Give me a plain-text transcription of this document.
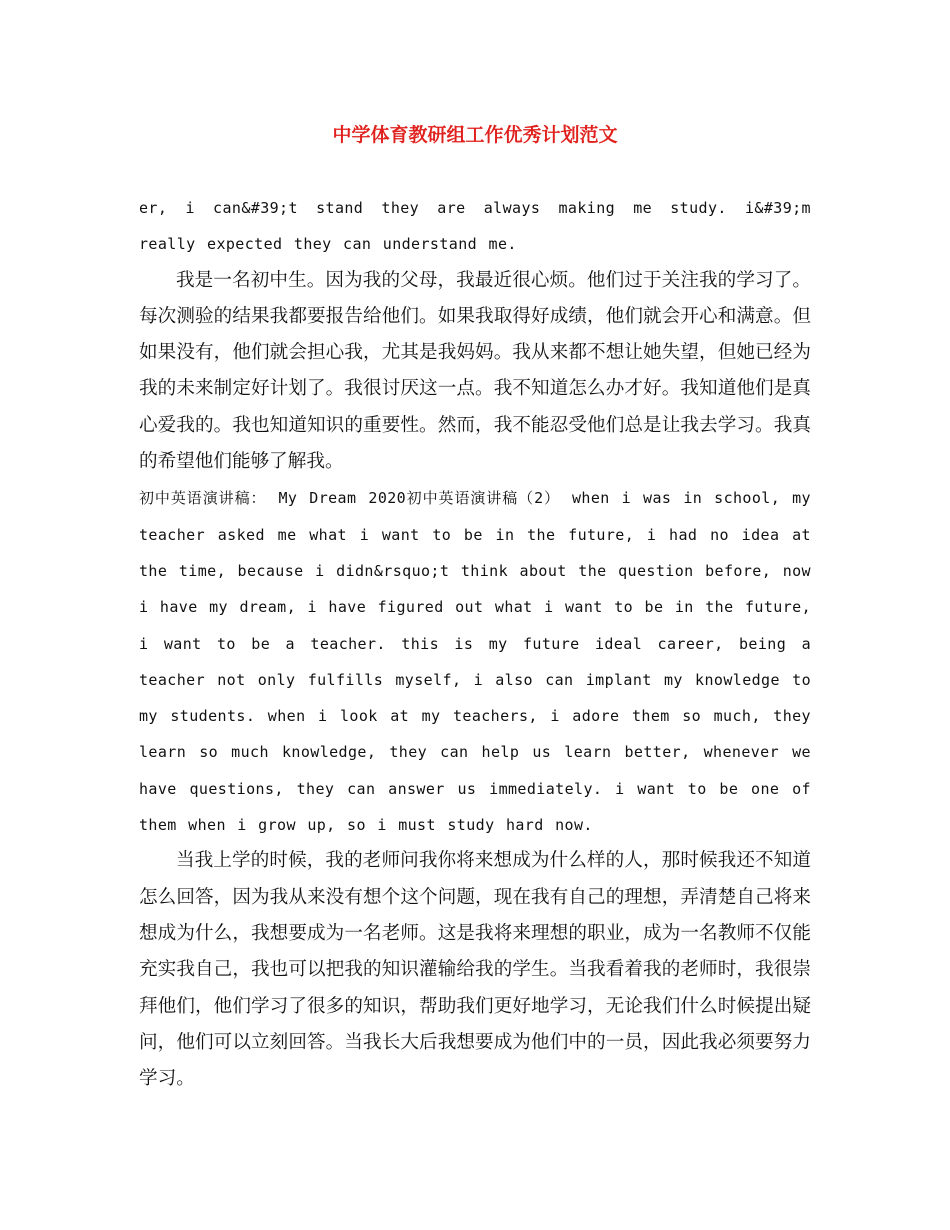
中学体育教研组工作优秀计划范文

er, i can&#39;t stand they are always making me study. i&#39;m really expected they can understand me.

我是一名初中生。因为我的父母，我最近很心烦。他们过于关注我的学习了。每次测验的结果我都要报告给他们。如果我取得好成绩，他们就会开心和满意。但如果没有，他们就会担心我，尤其是我妈妈。我从来都不想让她失望，但她已经为我的未来制定好计划了。我很讨厌这一点。我不知道怎么办才好。我知道他们是真心爱我的。我也知道知识的重要性。然而，我不能忍受他们总是让我去学习。我真的希望他们能够了解我。

初中英语演讲稿： My Dream 2020初中英语演讲稿（2） when i was in school, my teacher asked me what i want to be in the future, i had no idea at the time, because i didn&rsquo;t think about the question before, now i have my dream, i have figured out what i want to be in the future, i want to be a teacher. this is my future ideal career, being a teacher not only fulfills myself, i also can implant my knowledge to my students. when i look at my teachers, i adore them so much, they learn so much knowledge, they can help us learn better, whenever we have questions, they can answer us immediately. i want to be one of them when i grow up, so i must study hard now.

当我上学的时候，我的老师问我你将来想成为什么样的人，那时候我还不知道怎么回答，因为我从来没有想个这个问题，现在我有自己的理想，弄清楚自己将来想成为什么，我想要成为一名老师。这是我将来理想的职业，成为一名教师不仅能充实我自己，我也可以把我的知识灌输给我的学生。当我看着我的老师时，我很崇拜他们，他们学习了很多的知识，帮助我们更好地学习，无论我们什么时候提出疑问，他们可以立刻回答。当我长大后我想要成为他们中的一员，因此我必须要努力学习。
